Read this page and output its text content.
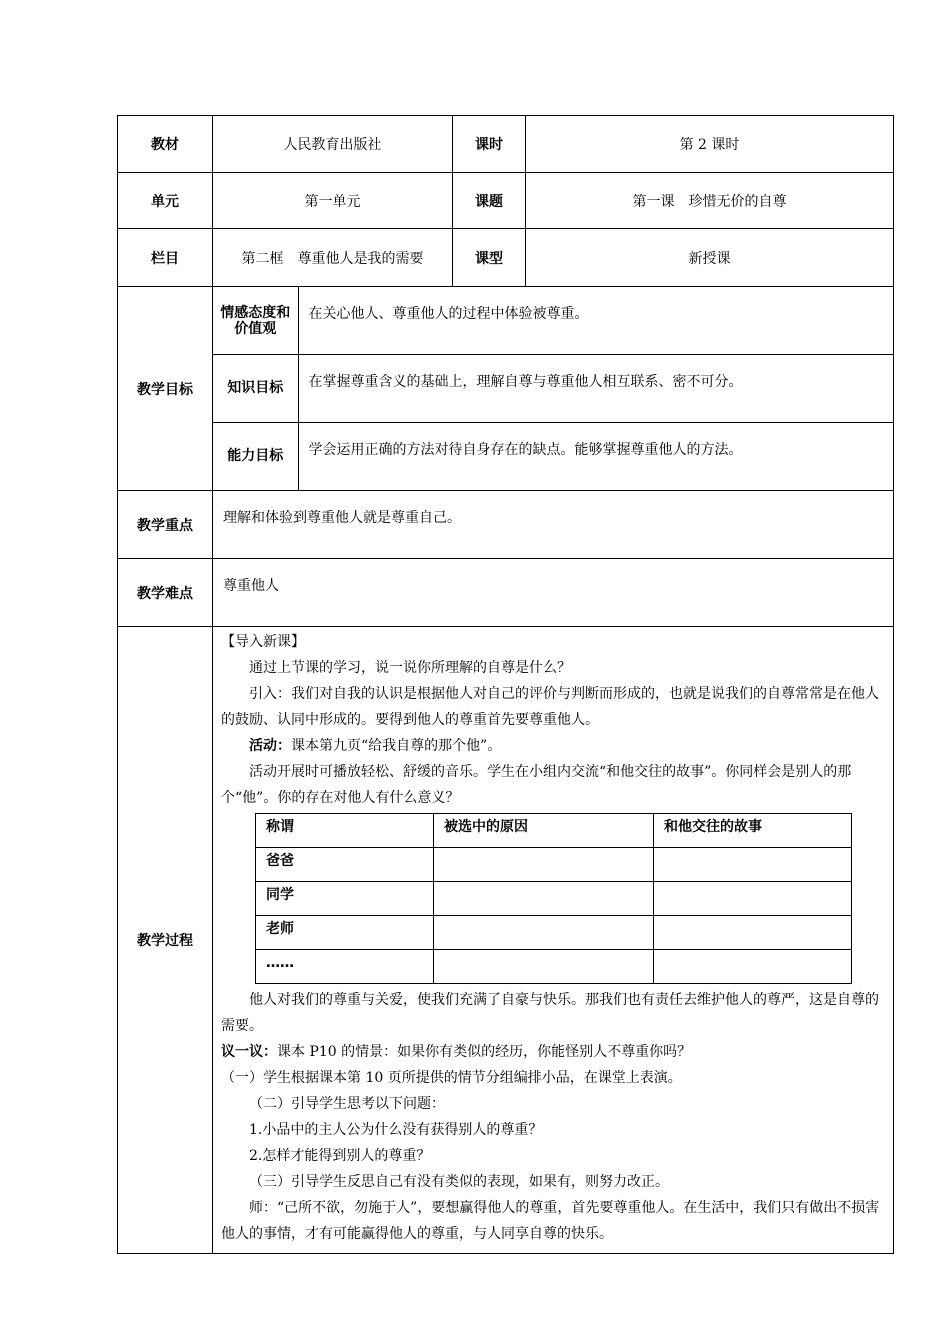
教材	人民教育出版社	课时	第 2 课时
单元	第一单元	课题	第一课　珍惜无价的自尊
栏目	第二框　尊重他人是我的需要	课型	新授课
教学目标	
情感态度和价值观	在关心他人、尊重他人的过程中体验被尊重。
知识目标	在掌握尊重含义的基础上，理解自尊与尊重他人相互联系、密不可分。
能力目标	学会运用正确的方法对待自身存在的缺点。能够掌握尊重他人的方法。

教学重点	理解和体验到尊重他人就是尊重自己。
教学难点	尊重他人
教学过程	

【导入新课】

通过上节课的学习，说一说你所理解的自尊是什么？

引入：我们对自我的认识是根据他人对自己的评价与判断而形成的，也就是说我们的自尊常常是在他人的鼓励、认同中形成的。要得到他人的尊重首先要尊重他人。

活动：课本第九页“给我自尊的那个他”。

活动开展时可播放轻松、舒缓的音乐。学生在小组内交流“和他交往的故事”。你同样会是别人的那个“他”。你的存在对他人有什么意义？

称谓	被选中的原因	和他交往的故事
爸爸		
同学		
老师		
……		

他人对我们的尊重与关爱，使我们充满了自豪与快乐。那我们也有责任去维护他人的尊严，这是自尊的需要。

议一议：课本 P10 的情景：如果你有类似的经历，你能怪别人不尊重你吗？

（一）学生根据课本第 10 页所提供的情节分组编排小品，在课堂上表演。

（二）引导学生思考以下问题：

1.小品中的主人公为什么没有获得别人的尊重？

2.怎样才能得到别人的尊重？

（三）引导学生反思自己有没有类似的表现，如果有，则努力改正。

师：“己所不欲，勿施于人”，要想赢得他人的尊重，首先要尊重他人。在生活中，我们只有做出不损害他人的事情，才有可能赢得他人的尊重，与人同享自尊的快乐。
